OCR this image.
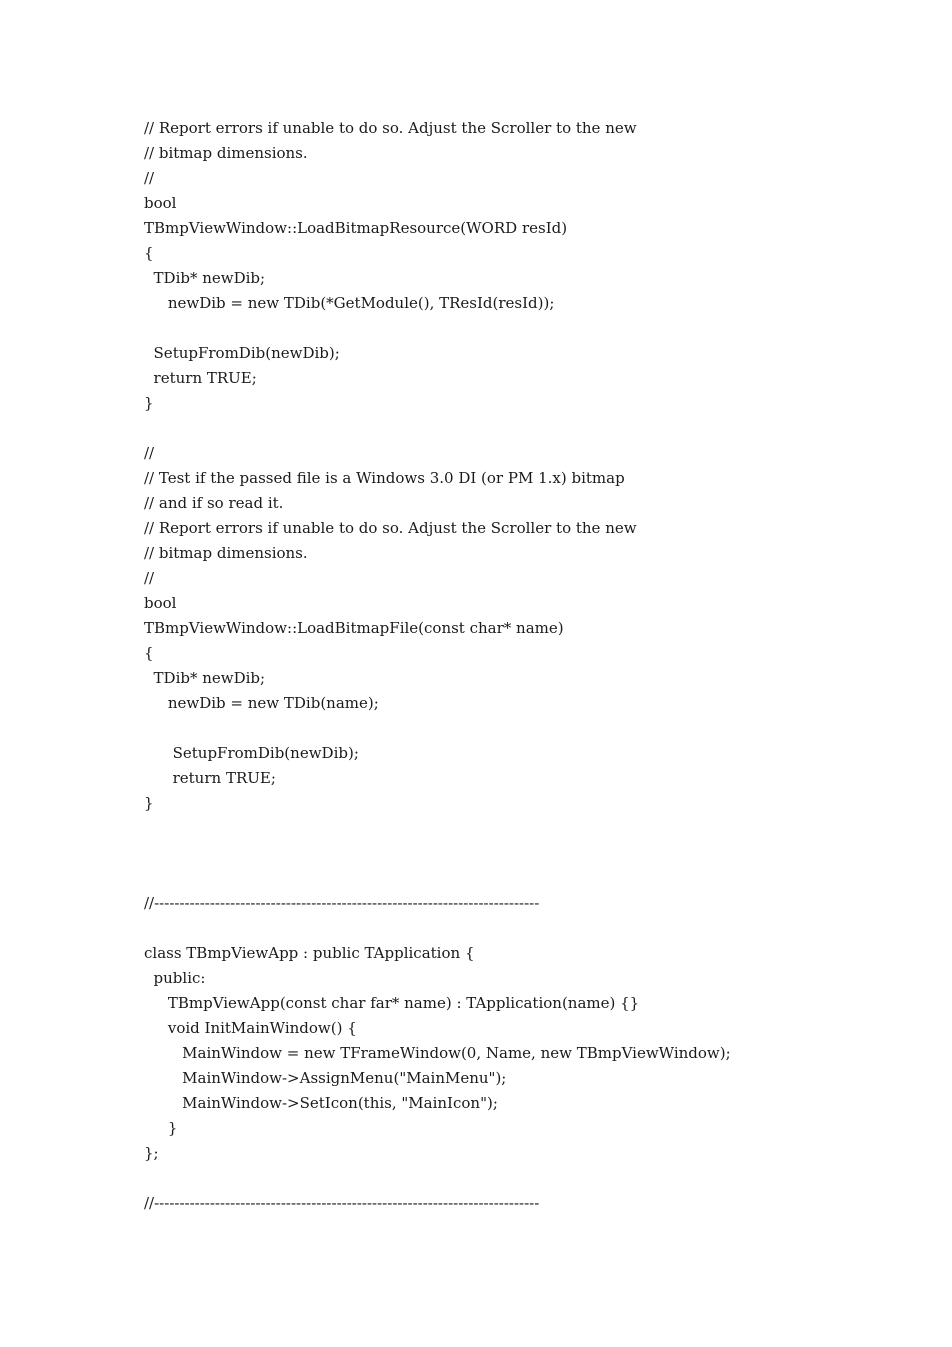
// Report errors if unable to do so. Adjust the Scroller to the new
// bitmap dimensions.
//
bool
TBmpViewWindow::LoadBitmapResource(WORD resId)
{
TDib* newDib;
newDib = new TDib(*GetModule(), TResId(resId));
SetupFromDib(newDib);
return TRUE;
}
//
// Test if the passed file is a Windows 3.0 DI (or PM 1.x) bitmap
// and if so read it.
// Report errors if unable to do so. Adjust the Scroller to the new
// bitmap dimensions.
//
bool
TBmpViewWindow::LoadBitmapFile(const char* name)
{
TDib* newDib;
newDib = new TDib(name);
SetupFromDib(newDib);
return TRUE;
}
//----------------------------------------------------------------------------
class TBmpViewApp : public TApplication {
public:
TBmpViewApp(const char far* name) : TApplication(name) {}
void InitMainWindow() {
MainWindow = new TFrameWindow(0, Name, new TBmpViewWindow);
MainWindow->AssignMenu("MainMenu");
MainWindow->SetIcon(this, "MainIcon");
}
};
//----------------------------------------------------------------------------
